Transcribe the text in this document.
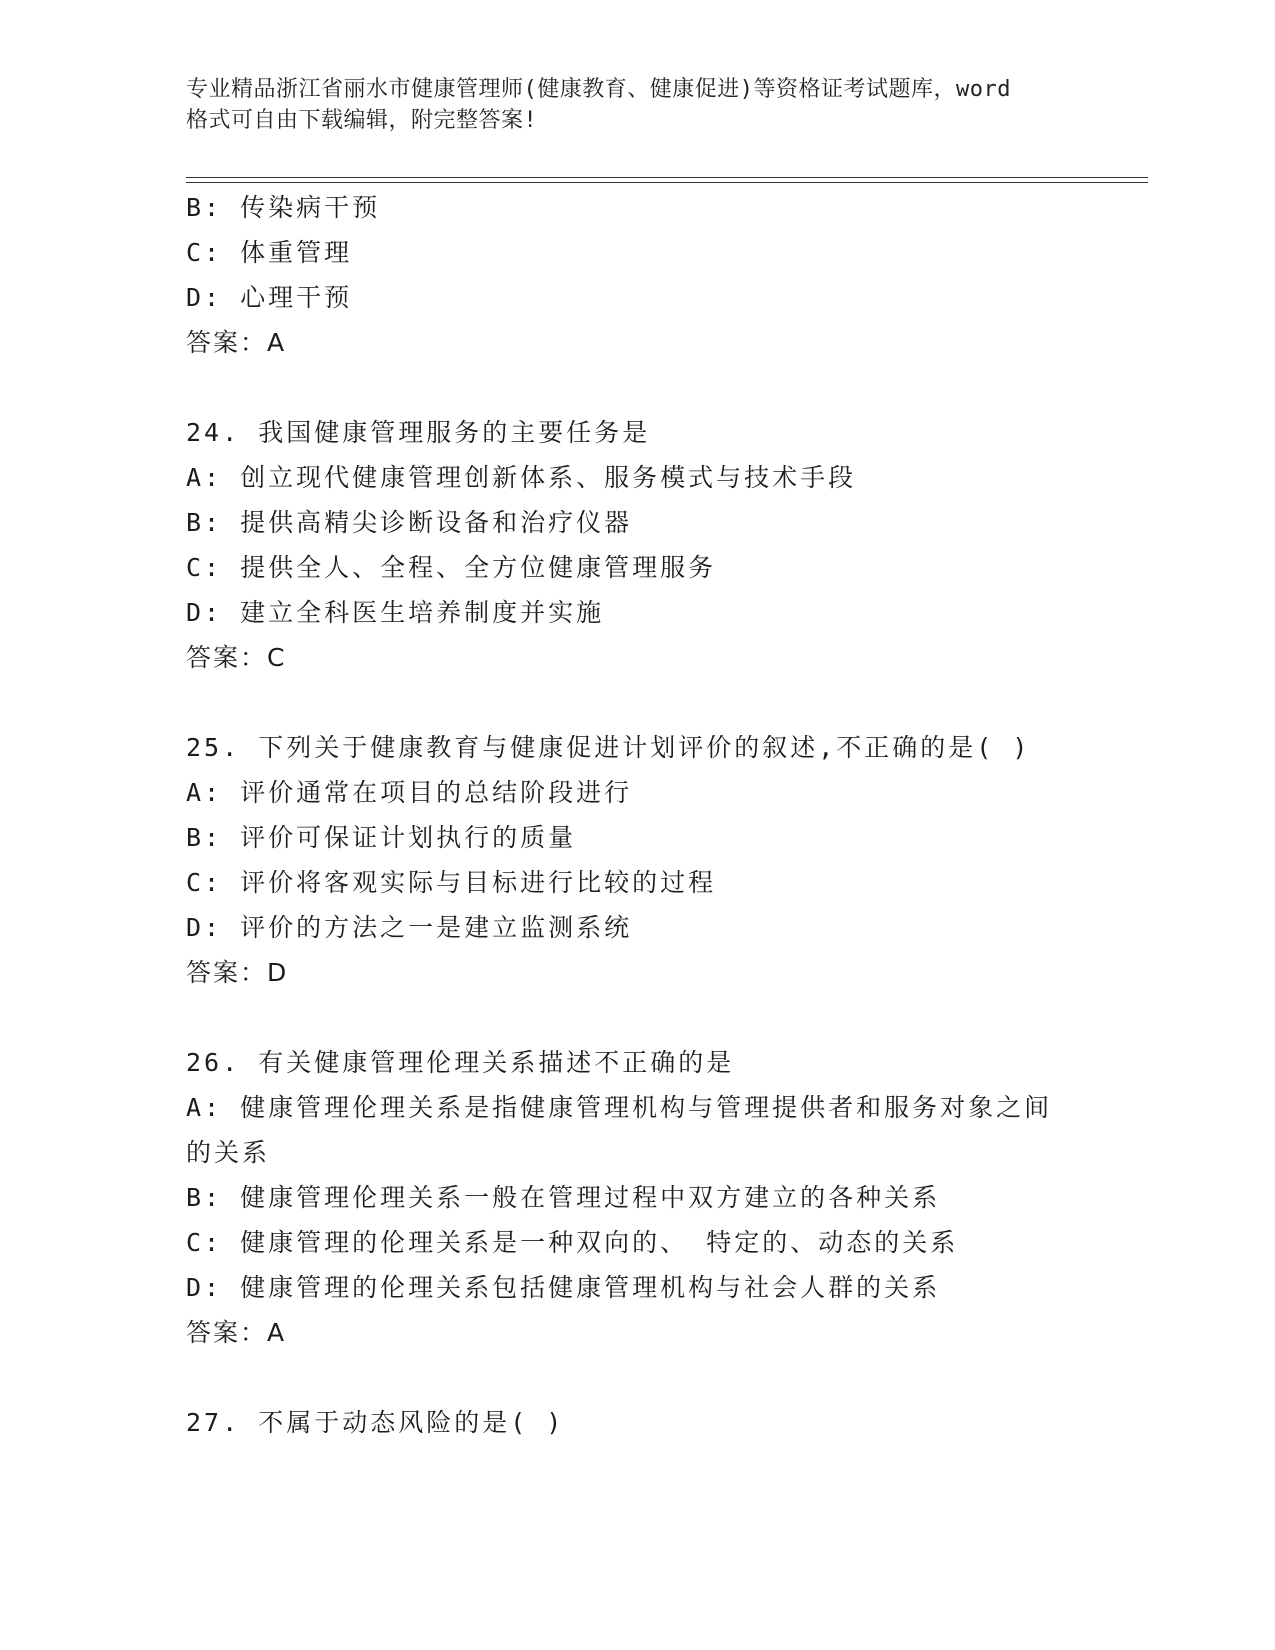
专业精品浙江省丽水市健康管理师(健康教育、健康促进)等资格证考试题库，word
格式可自由下载编辑，附完整答案!
B: 传染病干预
C: 体重管理
D: 心理干预
答案：A
24. 我国健康管理服务的主要任务是
A: 创立现代健康管理创新体系、服务模式与技术手段
B: 提供高精尖诊断设备和治疗仪器
C: 提供全人、全程、全方位健康管理服务
D: 建立全科医生培养制度并实施
答案：C
25. 下列关于健康教育与健康促进计划评价的叙述,不正确的是( )
A: 评价通常在项目的总结阶段进行
B: 评价可保证计划执行的质量
C: 评价将客观实际与目标进行比较的过程
D: 评价的方法之一是建立监测系统
答案：D
26. 有关健康管理伦理关系描述不正确的是
A: 健康管理伦理关系是指健康管理机构与管理提供者和服务对象之间
的关系
B: 健康管理伦理关系一般在管理过程中双方建立的各种关系
C: 健康管理的伦理关系是一种双向的、 特定的、动态的关系
D: 健康管理的伦理关系包括健康管理机构与社会人群的关系
答案：A
27. 不属于动态风险的是( )
